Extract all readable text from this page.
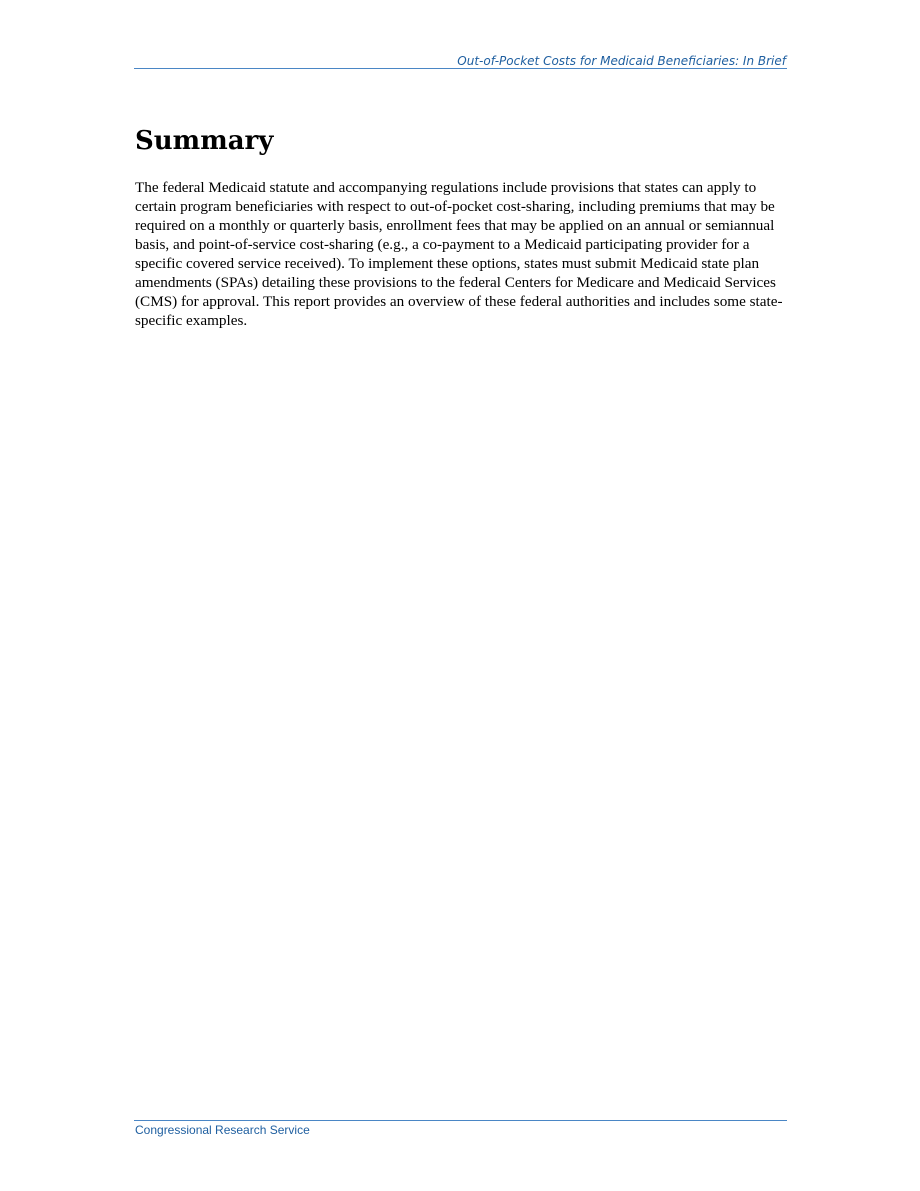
Out-of-Pocket Costs for Medicaid Beneficiaries: In Brief
Summary

The federal Medicaid statute and accompanying regulations include provisions that states can apply to certain program beneficiaries with respect to out-of-pocket cost-sharing, including premiums that may be required on a monthly or quarterly basis, enrollment fees that may be applied on an annual or semiannual basis, and point-of-service cost-sharing (e.g., a co-payment to a Medicaid participating provider for a specific covered service received). To implement these options, states must submit Medicaid state plan amendments (SPAs) detailing these provisions to the federal Centers for Medicare and Medicaid Services (CMS) for approval. This report provides an overview of these federal authorities and includes some state-specific examples.

Congressional Research Service
